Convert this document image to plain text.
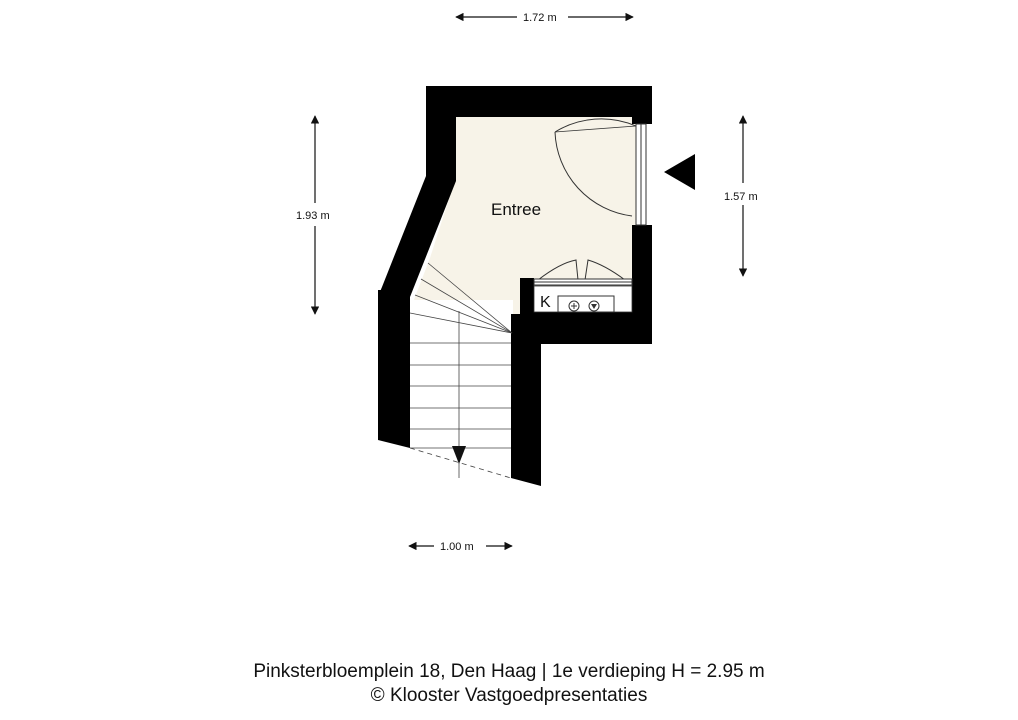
K
Entree
1.72 m
1.93 m
1.57 m
1.00 m
Pinksterbloemplein 18, Den Haag | 1e verdieping H = 2.95 m
© Klooster Vastgoedpresentaties
